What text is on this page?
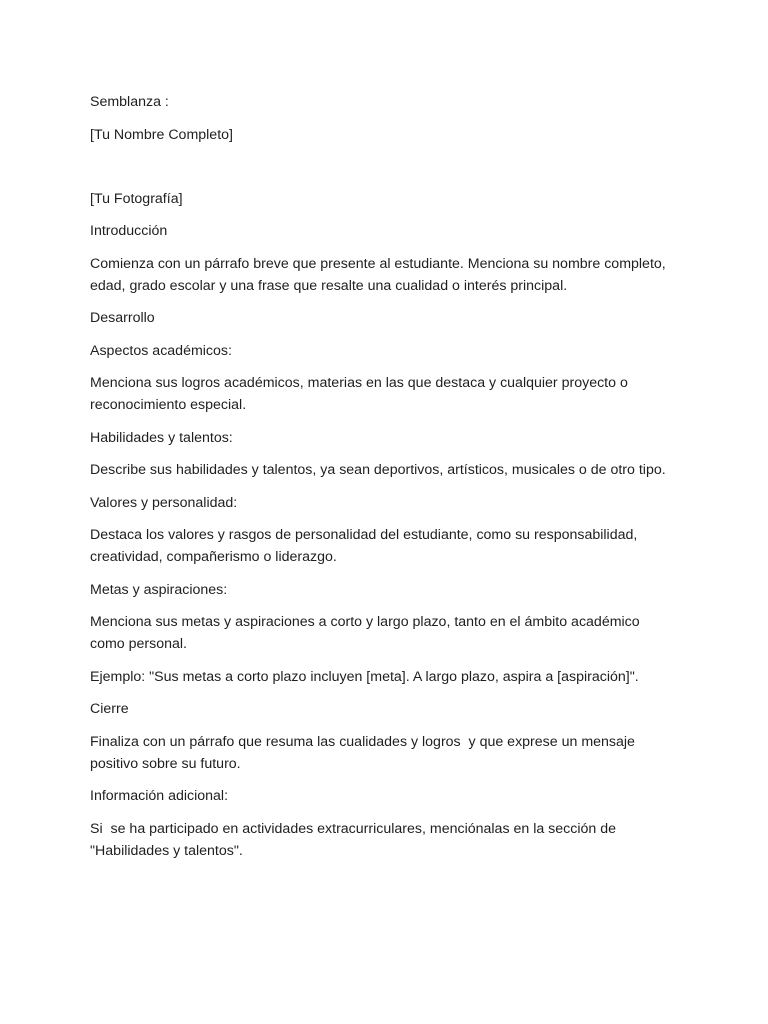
Semblanza :

[Tu Nombre Completo]

[Tu Fotografía]

Introducción

Comienza con un párrafo breve que presente al estudiante. Menciona su nombre completo, edad, grado escolar y una frase que resalte una cualidad o interés principal.

Desarrollo

Aspectos académicos:

Menciona sus logros académicos, materias en las que destaca y cualquier proyecto o reconocimiento especial.

Habilidades y talentos:

Describe sus habilidades y talentos, ya sean deportivos, artísticos, musicales o de otro tipo.

Valores y personalidad:

Destaca los valores y rasgos de personalidad del estudiante, como su responsabilidad, creatividad, compañerismo o liderazgo.

Metas y aspiraciones:

Menciona sus metas y aspiraciones a corto y largo plazo, tanto en el ámbito académico como personal.

Ejemplo: "Sus metas a corto plazo incluyen [meta]. A largo plazo, aspira a [aspiración]".

Cierre

Finaliza con un párrafo que resuma las cualidades y logros  y que exprese un mensaje positivo sobre su futuro.

Información adicional:

Si  se ha participado en actividades extracurriculares, menciónalas en la sección de "Habilidades y talentos".
